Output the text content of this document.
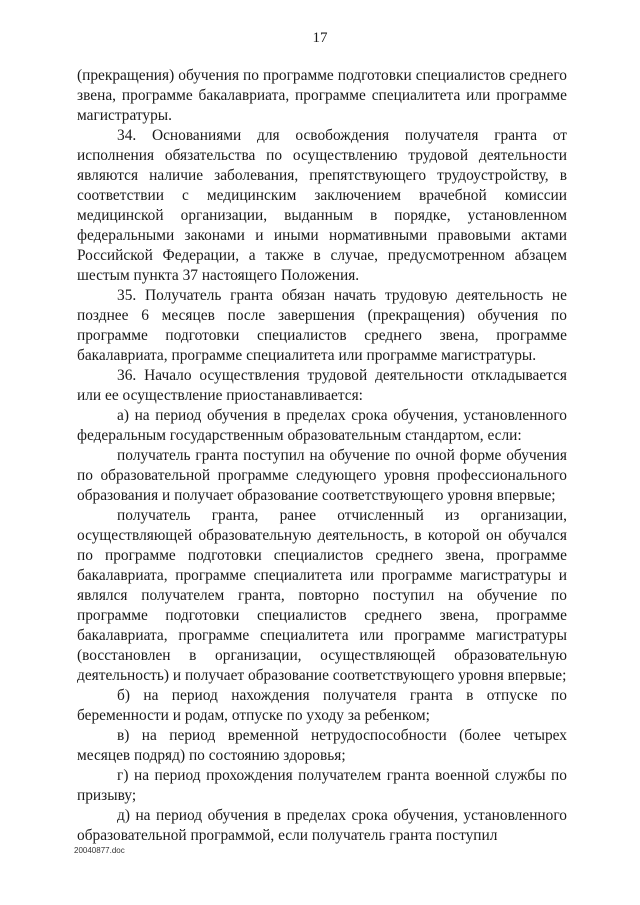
17

(прекращения) обучения по программе подготовки специалистов среднего звена, программе бакалавриата, программе специалитета или программе магистратуры.

34. Основаниями для освобождения получателя гранта от исполнения обязательства по осуществлению трудовой деятельности являются наличие заболевания, препятствующего трудоустройству, в соответствии с медицинским заключением врачебной комиссии медицинской организации, выданным в порядке, установленном федеральными законами и иными нормативными правовыми актами Российской Федерации, а также в случае, предусмотренном абзацем шестым пункта 37 настоящего Положения.

35. Получатель гранта обязан начать трудовую деятельность не позднее 6 месяцев после завершения (прекращения) обучения по программе подготовки специалистов среднего звена, программе бакалавриата, программе специалитета или программе магистратуры.

36. Начало осуществления трудовой деятельности откладывается или ее осуществление приостанавливается:

а) на период обучения в пределах срока обучения, установленного федеральным государственным образовательным стандартом, если:

получатель гранта поступил на обучение по очной форме обучения по образовательной программе следующего уровня профессионального образования и получает образование соответствующего уровня впервые;

получатель гранта, ранее отчисленный из организации, осуществляющей образовательную деятельность, в которой он обучался по программе подготовки специалистов среднего звена, программе бакалавриата, программе специалитета или программе магистратуры и являлся получателем гранта, повторно поступил на обучение по программе подготовки специалистов среднего звена, программе бакалавриата, программе специалитета или программе магистратуры (восстановлен в организации, осуществляющей образовательную деятельность) и получает образование соответствующего уровня впервые;

б) на период нахождения получателя гранта в отпуске по беременности и родам, отпуске по уходу за ребенком;

в) на период временной нетрудоспособности (более четырех месяцев подряд) по состоянию здоровья;

г) на период прохождения получателем гранта военной службы по призыву;

д) на период обучения в пределах срока обучения, установленного образовательной программой, если получатель гранта поступил

20040877.doc
